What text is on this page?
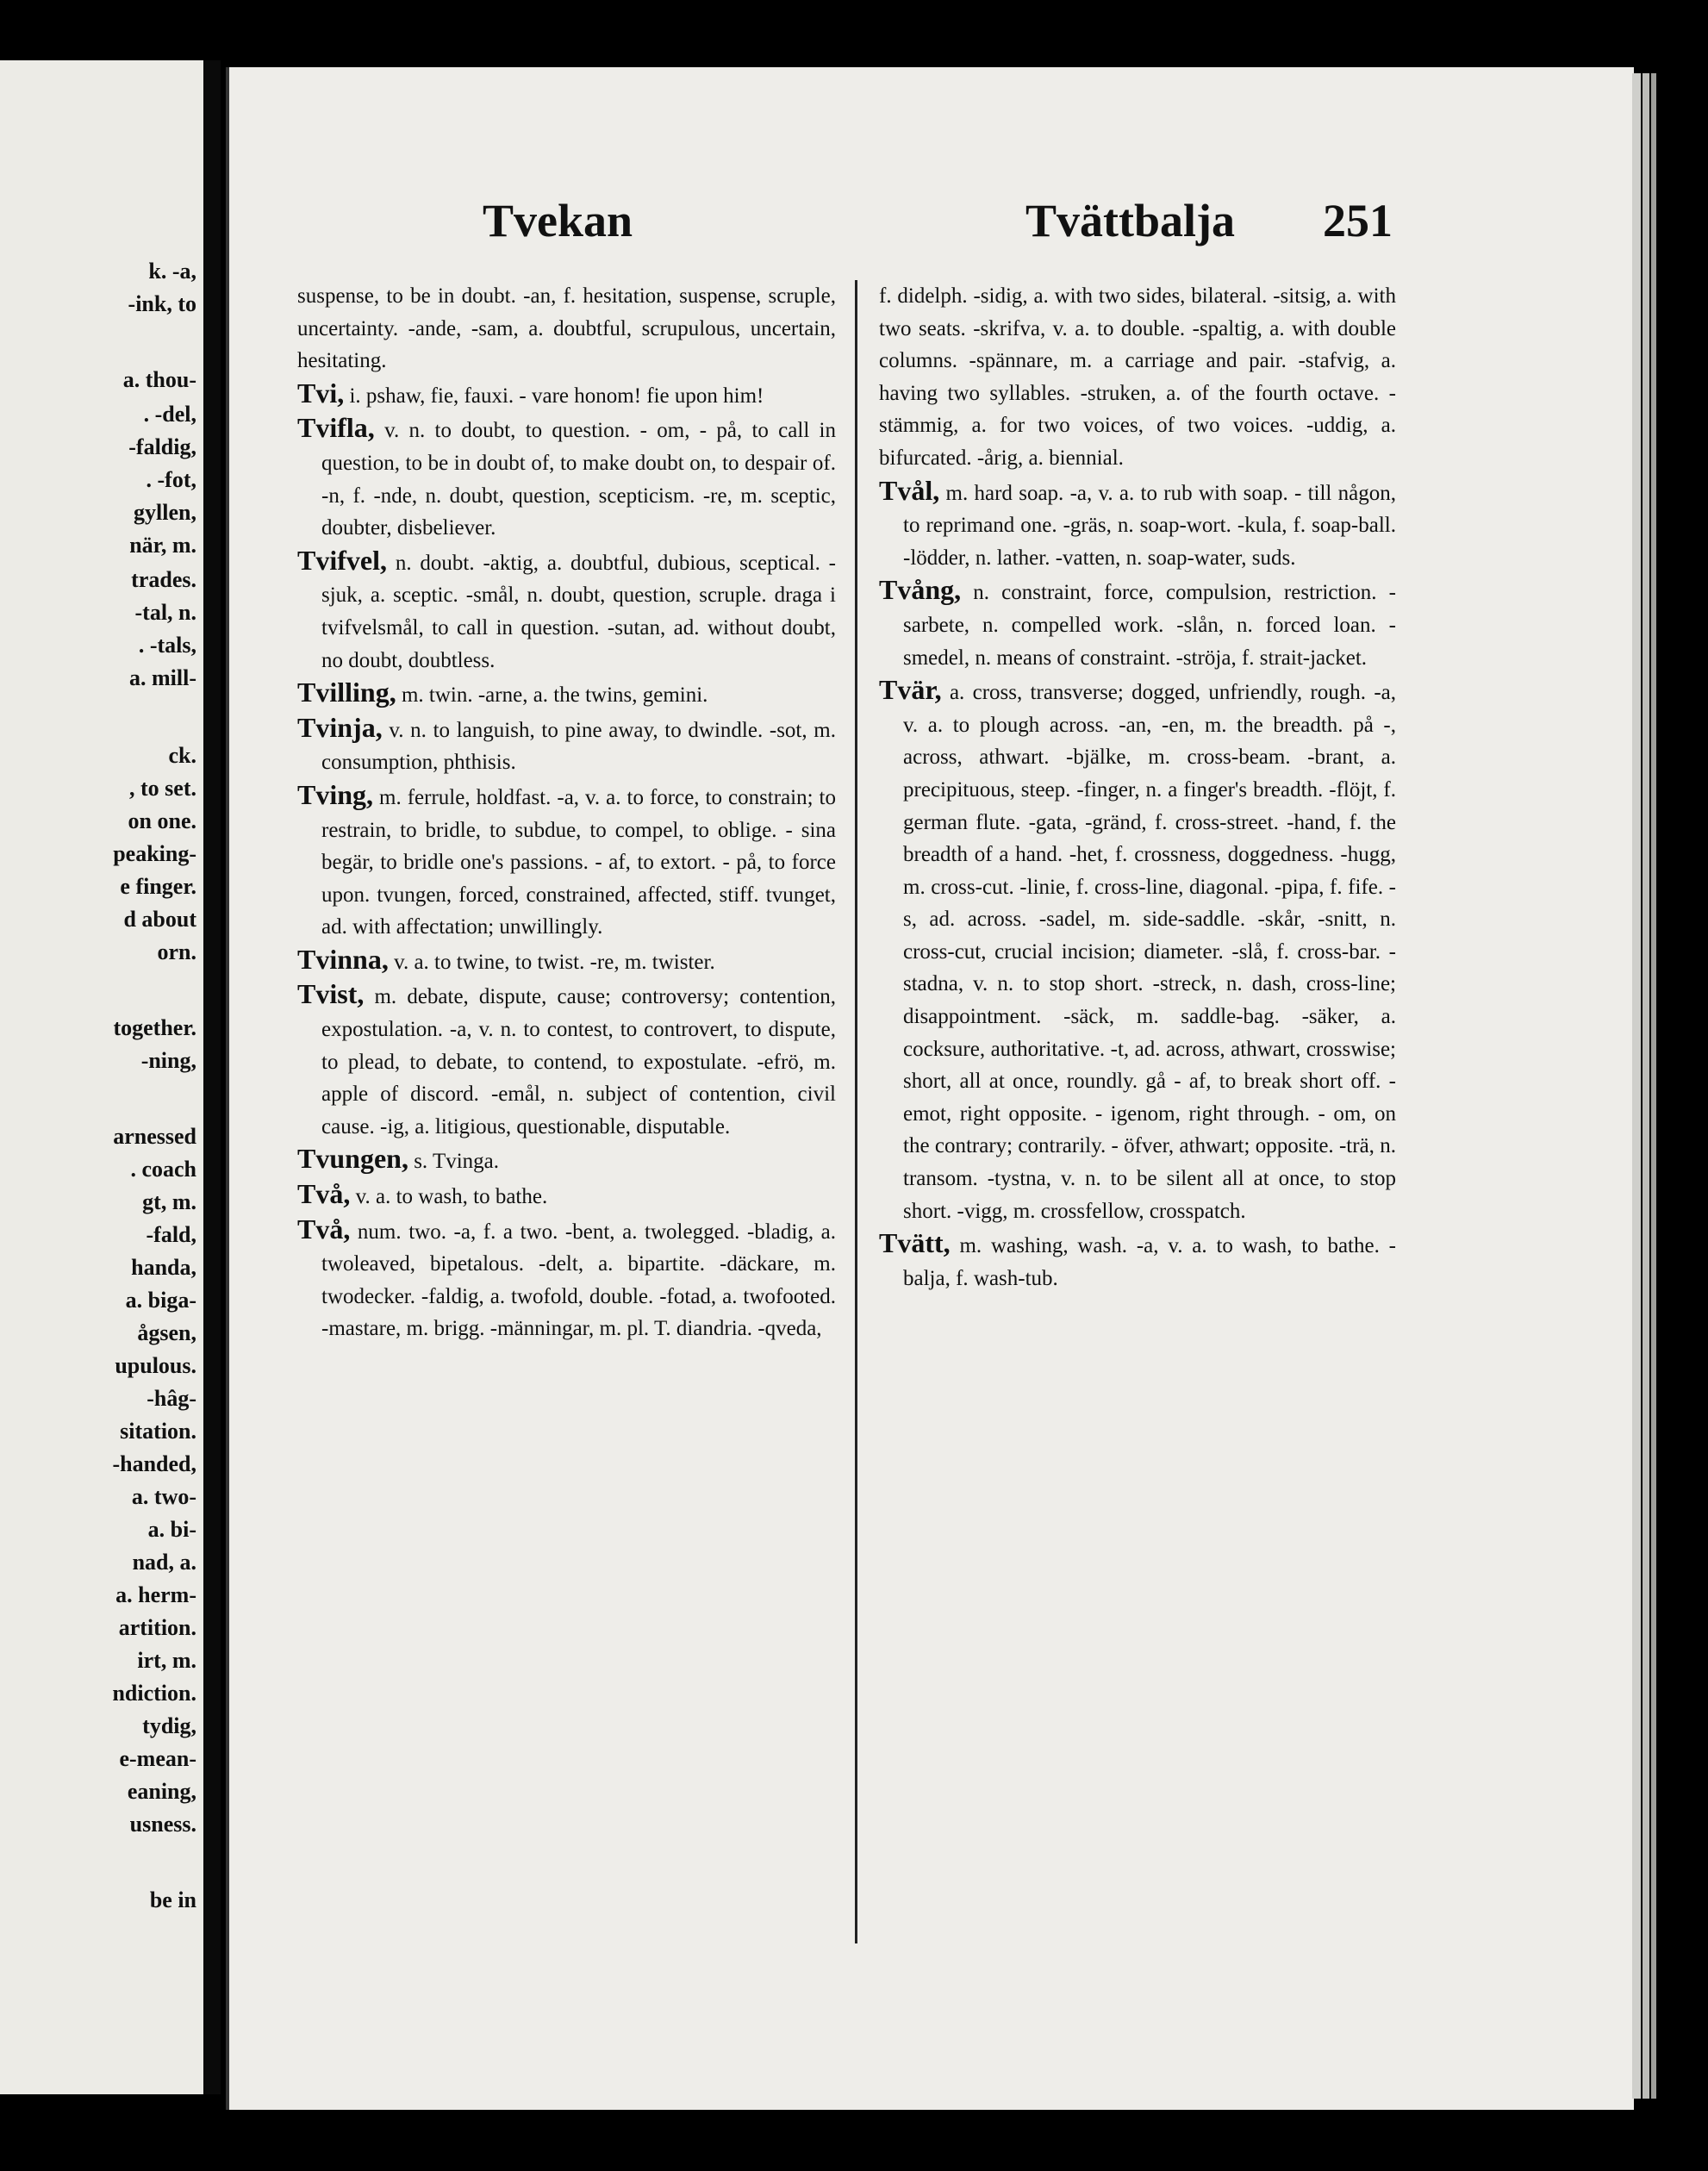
k. -a,
-ink, to
a. thou-
. -del,
-faldig,
. -fot,
gyllen,
när, m.
trades.
-tal, n.
. -tals,
a. mill-
ck.
, to set.
on one.
peaking-
e finger.
d about
orn.
together.
-ning,
arnessed
. coach
gt, m.
-fald,
handa,
a. biga-
ågsen,
upulous.
-hâg-
sitation.
-handed,
a. two-
a. bi-
nad, a.
a. herm-
artition.
irt, m.
ndiction.
tydig,
e-mean-
eaning,
usness.
be in
Tvekan	Tvättbalja 251

suspense, to be in doubt. -an, f. hesitation, suspense, scruple, uncertainty. -ande, -sam, a. doubtful, scrupulous, uncertain, hesitating.

Tvi, i. pshaw, fie, fauxi. - vare honom! fie upon him!

Tvifla, v. n. to doubt, to question. - om, - på, to call in question, to be in doubt of, to make doubt on, to despair of. -n, f. -nde, n. doubt, question, scepticism. -re, m. sceptic, doubter, disbeliever.

Tvifvel, n. doubt. -aktig, a. doubtful, dubious, sceptical. -sjuk, a. sceptic. -smål, n. doubt, question, scruple. draga i tvifvelsmål, to call in question. -sutan, ad. without doubt, no doubt, doubtless.

Tvilling, m. twin. -arne, a. the twins, gemini.

Tvinja, v. n. to languish, to pine away, to dwindle. -sot, m. consumption, phthisis.

Tving, m. ferrule, holdfast. -a, v. a. to force, to constrain; to restrain, to bridle, to subdue, to compel, to oblige. - sina begär, to bridle one's passions. - af, to extort. - på, to force upon. tvungen, forced, constrained, affected, stiff. tvunget, ad. with affectation; unwillingly.

Tvinna, v. a. to twine, to twist. -re, m. twister.

Tvist, m. debate, dispute, cause; controversy; contention, expostulation. -a, v. n. to contest, to controvert, to dispute, to plead, to debate, to contend, to expostulate. -efrö, m. apple of discord. -emål, n. subject of contention, civil cause. -ig, a. litigious, questionable, disputable.

Tvungen, s. Tvinga.

Två, v. a. to wash, to bathe.

Två, num. two. -a, f. a two. -bent, a. twolegged. -bladig, a. twoleaved, bipetalous. -delt, a. bipartite. -däckare, m. twodecker. -faldig, a. twofold, double. -fotad, a. twofooted. -mastare, m. brigg. -männingar, m. pl. T. diandria. -qveda,

f. didelph. -sidig, a. with two sides, bilateral. -sitsig, a. with two seats. -skrifva, v. a. to double. -spaltig, a. with double columns. -spännare, m. a carriage and pair. -stafvig, a. having two syllables. -struken, a. of the fourth octave. -stämmig, a. for two voices, of two voices. -uddig, a. bifurcated. -årig, a. biennial.

Tvål, m. hard soap. -a, v. a. to rub with soap. - till någon, to reprimand one. -gräs, n. soap-wort. -kula, f. soap-ball. -lödder, n. lather. -vatten, n. soap-water, suds.

Tvång, n. constraint, force, compulsion, restriction. -sarbete, n. compelled work. -slån, n. forced loan. -smedel, n. means of constraint. -ströja, f. strait-jacket.

Tvär, a. cross, transverse; dogged, unfriendly, rough. -a, v. a. to plough across. -an, -en, m. the breadth. på -, across, athwart. -bjälke, m. cross-beam. -brant, a. precipituous, steep. -finger, n. a finger's breadth. -flöjt, f. german flute. -gata, -gränd, f. cross-street. -hand, f. the breadth of a hand. -het, f. crossness, doggedness. -hugg, m. cross-cut. -linie, f. cross-line, diagonal. -pipa, f. fife. -s, ad. across. -sadel, m. side-saddle. -skår, -snitt, n. cross-cut, crucial incision; diameter. -slå, f. cross-bar. -stadna, v. n. to stop short. -streck, n. dash, cross-line; disappointment. -säck, m. saddle-bag. -säker, a. cocksure, authoritative. -t, ad. across, athwart, crosswise; short, all at once, roundly. gå - af, to break short off. - emot, right opposite. - igenom, right through. - om, on the contrary; contrarily. - öfver, athwart; opposite. -trä, n. transom. -tystna, v. n. to be silent all at once, to stop short. -vigg, m. crossfellow, crosspatch.

Tvätt, m. washing, wash. -a, v. a. to wash, to bathe. -balja, f. wash-tub.
